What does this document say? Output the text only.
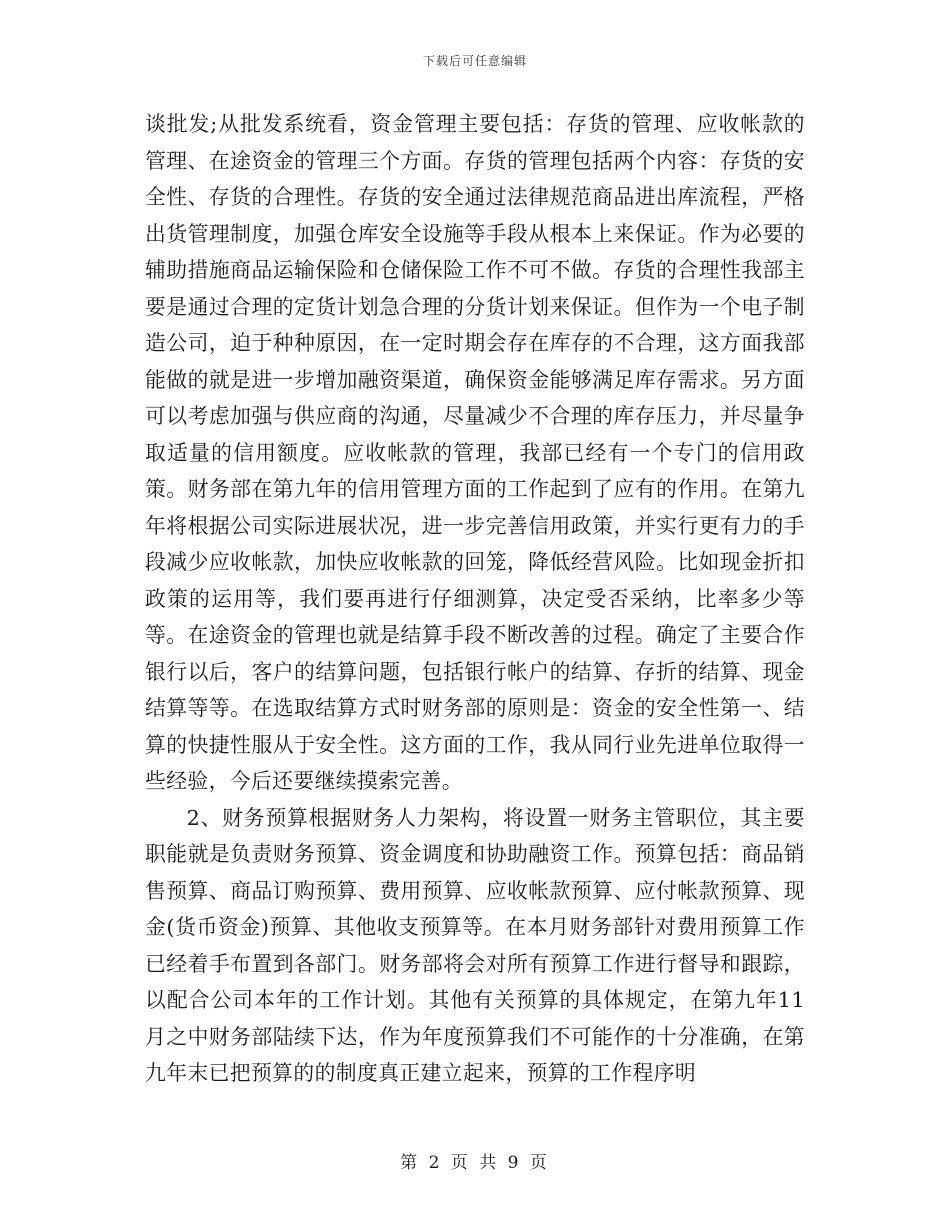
下载后可任意编辑

谈批发;从批发系统看，资金管理主要包括：存货的管理、应收帐款的管理、在途资金的管理三个方面。存货的管理包括两个内容：存货的安全性、存货的合理性。存货的安全通过法律规范商品进出库流程，严格出货管理制度，加强仓库安全设施等手段从根本上来保证。作为必要的辅助措施商品运输保险和仓储保险工作不可不做。存货的合理性我部主要是通过合理的定货计划急合理的分货计划来保证。但作为一个电子制造公司，迫于种种原因，在一定时期会存在库存的不合理，这方面我部能做的就是进一步增加融资渠道，确保资金能够满足库存需求。另方面可以考虑加强与供应商的沟通，尽量减少不合理的库存压力，并尽量争取适量的信用额度。应收帐款的管理，我部已经有一个专门的信用政策。财务部在第九年的信用管理方面的工作起到了应有的作用。在第九年将根据公司实际进展状况，进一步完善信用政策，并实行更有力的手段减少应收帐款，加快应收帐款的回笼，降低经营风险。比如现金折扣政策的运用等，我们要再进行仔细测算，决定受否采纳，比率多少等等。在途资金的管理也就是结算手段不断改善的过程。确定了主要合作银行以后，客户的结算问题，包括银行帐户的结算、存折的结算、现金结算等等。在选取结算方式时财务部的原则是：资金的安全性第一、结算的快捷性服从于安全性。这方面的工作，我从同行业先进单位取得一些经验，今后还要继续摸索完善。

2、财务预算根据财务人力架构，将设置一财务主管职位，其主要职能就是负责财务预算、资金调度和协助融资工作。预算包括：商品销售预算、商品订购预算、费用预算、应收帐款预算、应付帐款预算、现金(货币资金)预算、其他收支预算等。在本月财务部针对费用预算工作已经着手布置到各部门。财务部将会对所有预算工作进行督导和跟踪，以配合公司本年的工作计划。其他有关预算的具体规定，在第九年11月之中财务部陆续下达，作为年度预算我们不可能作的十分准确，在第九年末已把预算的的制度真正建立起来，预算的工作程序明

第 2 页 共 9 页
